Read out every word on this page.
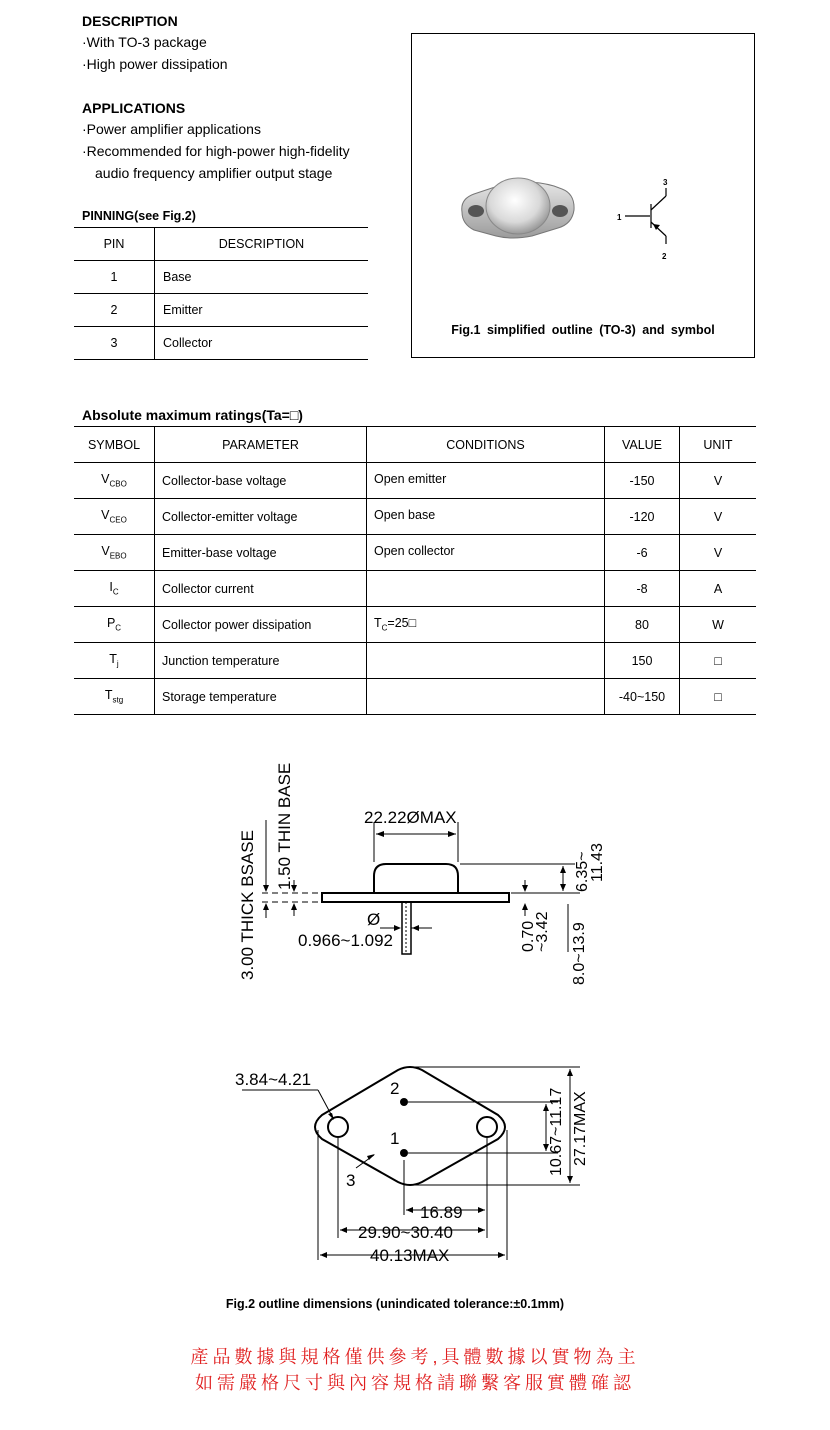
DESCRIPTION
·With TO-3 package
·High power dissipation
APPLICATIONS
·Power amplifier applications
·Recommended for high-power high-fidelity
audio frequency amplifier output stage
PINNING(see Fig.2)
PIN	DESCRIPTION
1	Base
2	Emitter
3	Collector
1
2
3
Fig.1 simplified outline (TO-3) and symbol
Absolute maximum ratings(Ta=□)
SYMBOL	PARAMETER	CONDITIONS	VALUE	UNIT
$V_{CBO}$	Collector-base voltage	Open emitter	-150	V
$V_{CEO}$	Collector-emitter voltage	Open base	-120	V
$V_{EBO}$	Emitter-base voltage	Open collector	-6	V
$I_C$	Collector current		-8	A
$P_C$	Collector power dissipation	$T_C=25□$	80	W
$T_j$	Junction temperature		150	□
$T_{stg}$	Storage temperature		-40~150	□
22.22ØMAX
Ø
0.966~1.092
3.00 THICK BSASE
1.50 THIN BASE
0.70
~3.42
6.35~
11.43
8.0~13.9
3.84~4.21	2
1
3
16.89
29.90~30.40
40.13MAX
10.67~11.17 27.17MAX
Fig.2 outline dimensions (unindicated tolerance:±0.1mm)
產品數據與規格僅供參考,具體數據以實物為主
如需嚴格尺寸與內容規格請聯繫客服實體確認
